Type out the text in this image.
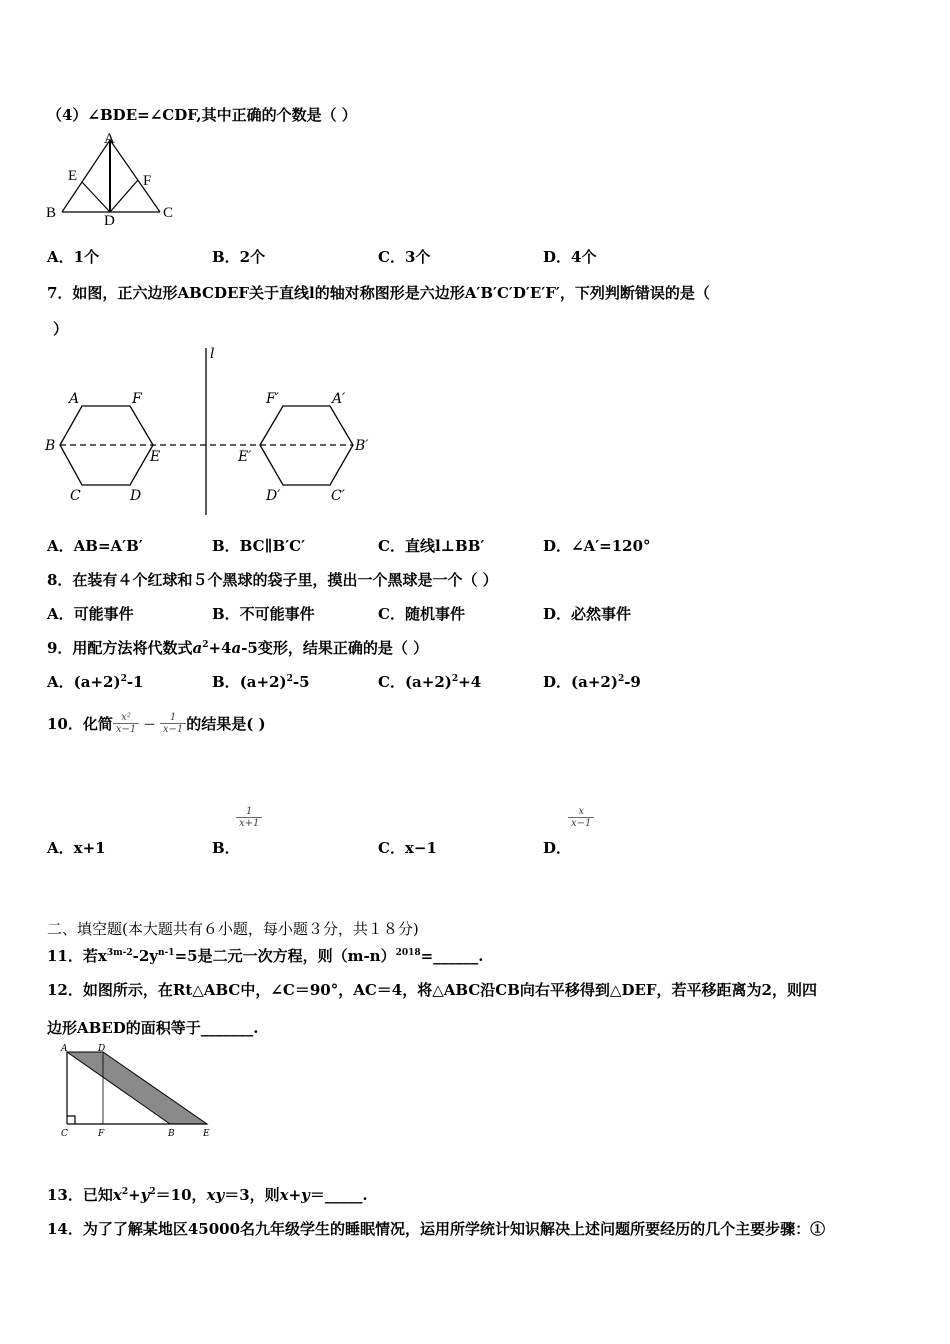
（4）∠BDE=∠CDF,其中正确的个数是（ ）
A
E	F
B	D	C
A．1个	B．2个	C．3个	D．4个
7．如图，正六边形ABCDEF关于直线l的轴对称图形是六边形A′B′C′D′E′F′，下列判断错误的是（
）
l
A	F
B
E
C	D
F′	A′
E′
B′
D′	C′
A．AB=A′B′	B．BC∥B′C′	C．直线l⊥BB′	D．∠A′=120°
8．在装有４个红球和５个黑球的袋子里，摸出一个黑球是一个（ ）
A．可能事件	B．不可能事件	C．随机事件	D．必然事件
9．用配方法将代数式$a^2+4a-5$变形，结果正确的是（ ）
A．$(a+2)^2-1$	B．$(a+2)^2-5$	C．$(a+2)^2+4$	D．$(a+2)^2-9$
10．化简 $\frac{\text{x²}}{x-1} - \frac{1}{x-1}$ 的结果是( )
A．x+1	B．
$\frac{1}{x+1}$
C．x−1	D．
$\frac{x}{x-1}$
二、填空题(本大题共有６小题，每小题３分，共１８分)
11．若$x^{3m-2}-2y^{n-1}=5$是二元一次方程，则$(m-n)^{2018}=\_\_\_\_\_\_$.
12．如图所示，在Rt△ABC中，∠C＝90°，AC＝4，将△ABC沿CB向右平移得到△DEF，若平移距离为2，则四
边形ABED的面积等于_______.
A	D
C	F	B	E
13．已知$x^2+y^2=10$，xy＝3，则x+y＝_____.
14．为了了解某地区45000名九年级学生的睡眠情况，运用所学统计知识解决上述问题所要经历的几个主要步骤：①
